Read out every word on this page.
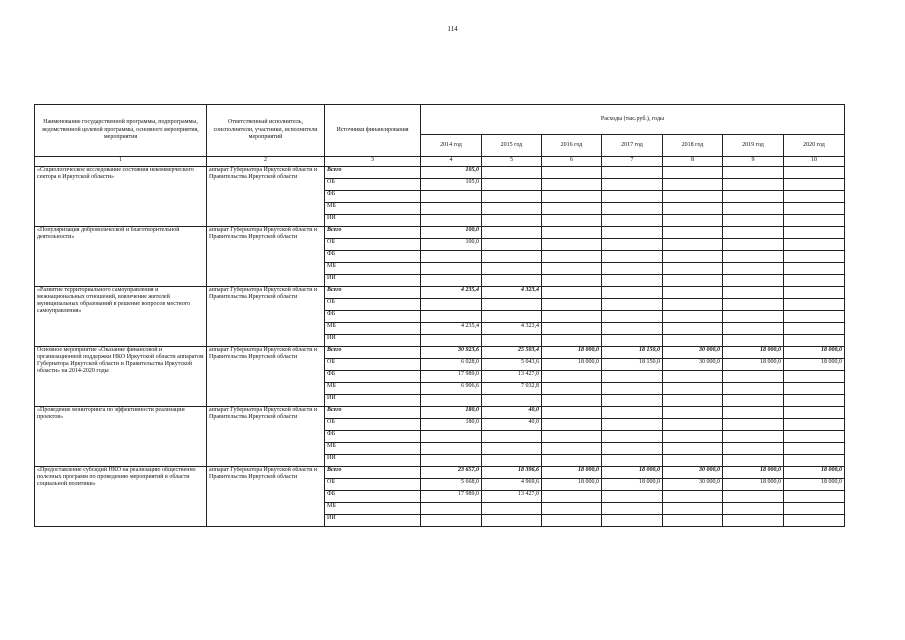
114
Наименование государственной программы, подпрограммы, ведомственной целевой программы, основного мероприятия, мероприятия	Ответственный исполнитель, соисполнители, участники, исполнители мероприятий	Источники финансирования	Расходы (тыс.руб.), годы						
			2014 год	2015 год	2016 год	2017 год	2018 год	2019 год	2020 год
1	2	3	4	5	6	7	8	9	10
«Социологическое исследование состояния некоммерческого сектора в Иркутской области»	аппарат Губернатора Иркутской области и Правительства Иркутской области	Всего	105,0						
		ОБ	105,0						
		ФБ							
		МБ							
		ИИ							
«Популяризация добровольческой и благотворительной деятельности»	аппарат Губернатора Иркутской области и Правительства Иркутской области	Всего	100,0						
		ОБ	100,0						
		ФБ							
		МБ							
		ИИ							
«Развитие территориального самоуправления и межнациональных отношений, вовлечение жителей муниципальных образований в решение вопросов местного самоуправления»	аппарат Губернатора Иркутской области и Правительства Иркутской области	Всего	4 235,4	4 323,4					
		ОБ							
		ФБ							
		МБ	4 235,4	4 323,4					
		ИИ							
Основное мероприятие «Оказание финансовой и организационной поддержки НКО Иркутской области аппаратом Губернатора Иркутской области и Правительства Иркутской области» на 2014-2020 годы	аппарат Губернатора Иркутской области и Правительства Иркутской области	Всего	30 923,6	25 503,4	18 000,0	18 150,0	30 000,0	18 000,0	18 000,0
		ОБ	6 028,0	5 043,6	18 000,0	18 150,0	30 000,0	18 000,0	18 000,0
		ФБ	17 989,0	13 427,0					
		МБ	6 906,6	7 032,8					
		ИИ							
«Проведение мониторинга по эффективности реализации проектов»	аппарат Губернатора Иркутской области и Правительства Иркутской области	Всего	180,0	40,0					
		ОБ	180,0	40,0					
		ФБ							
		МБ							
		ИИ							
«Предоставление субсидий НКО на реализацию общественно полезных программ по проведению мероприятий в области социальной политики»	аппарат Губернатора Иркутской области и Правительства Иркутской области	Всего	23 657,0	18 396,6	18 000,0	18 000,0	30 000,0	18 000,0	18 000,0
		ОБ	5 668,0	4 969,6	18 000,0	18 000,0	30 000,0	18 000,0	18 000,0
		ФБ	17 989,0	13 427,0					
		МБ							
		ИИ							
